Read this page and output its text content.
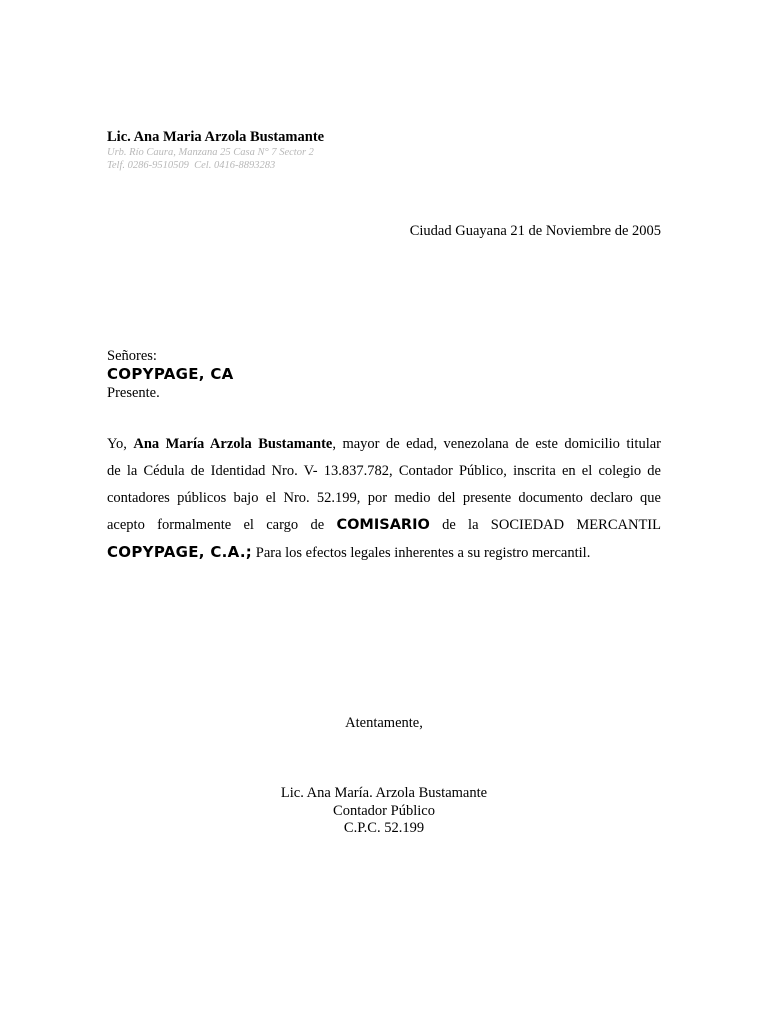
Lic. Ana Maria Arzola Bustamante
Urb. Río Caura, Manzana 25 Casa N° 7 Sector 2
Telf. 0286-9510509  Cel. 0416-8893283
Ciudad Guayana 21 de Noviembre de 2005
Señores:
COPYPAGE, CA
Presente.
Yo, Ana María Arzola Bustamante, mayor de edad, venezolana de este domicilio titular
de la Cédula de Identidad Nro. V- 13.837.782, Contador Público, inscrita en el colegio de
contadores públicos bajo el Nro. 52.199, por medio del presente documento declaro que
acepto formalmente el cargo de COMISARIO de la SOCIEDAD MERCANTIL
COPYPAGE, C.A.; Para los efectos legales inherentes a su registro mercantil.
Atentamente,
Lic. Ana María. Arzola Bustamante
Contador Público
C.P.C. 52.199
